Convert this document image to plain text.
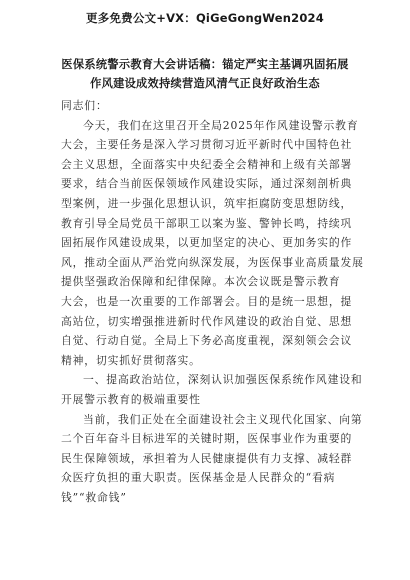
更多免费公文+VX：QiGeGongWen2024
医保系统警示教育大会讲话稿：锚定严实主基调巩固拓展
作风建设成效持续营造风清气正良好政治生态
同志们：
今天，我们在这里召开全局2025年作风建设警示教育
大会，主要任务是深入学习贯彻习近平新时代中国特色社
会主义思想，全面落实中央纪委全会精神和上级有关部署
要求，结合当前医保领域作风建设实际，通过深刻剖析典
型案例，进一步强化思想认识，筑牢拒腐防变思想防线，
教育引导全局党员干部职工以案为鉴、警钟长鸣，持续巩
固拓展作风建设成果，以更加坚定的决心、更加务实的作
风，推动全面从严治党向纵深发展，为医保事业高质量发展
提供坚强政治保障和纪律保障。本次会议既是警示教育
大会，也是一次重要的工作部署会。目的是统一思想，提
高站位，切实增强推进新时代作风建设的政治自觉、思想
自觉、行动自觉。全局上下务必高度重视，深刻领会会议
精神，切实抓好贯彻落实。
一、提高政治站位，深刻认识加强医保系统作风建设和
开展警示教育的极端重要性
当前，我们正处在全面建设社会主义现代化国家、向第
二个百年奋斗目标进军的关键时期，医保事业作为重要的
民生保障领域，承担着为人民健康提供有力支撑、减轻群
众医疗负担的重大职责。医保基金是人民群众的“看病
钱”“救命钱”
